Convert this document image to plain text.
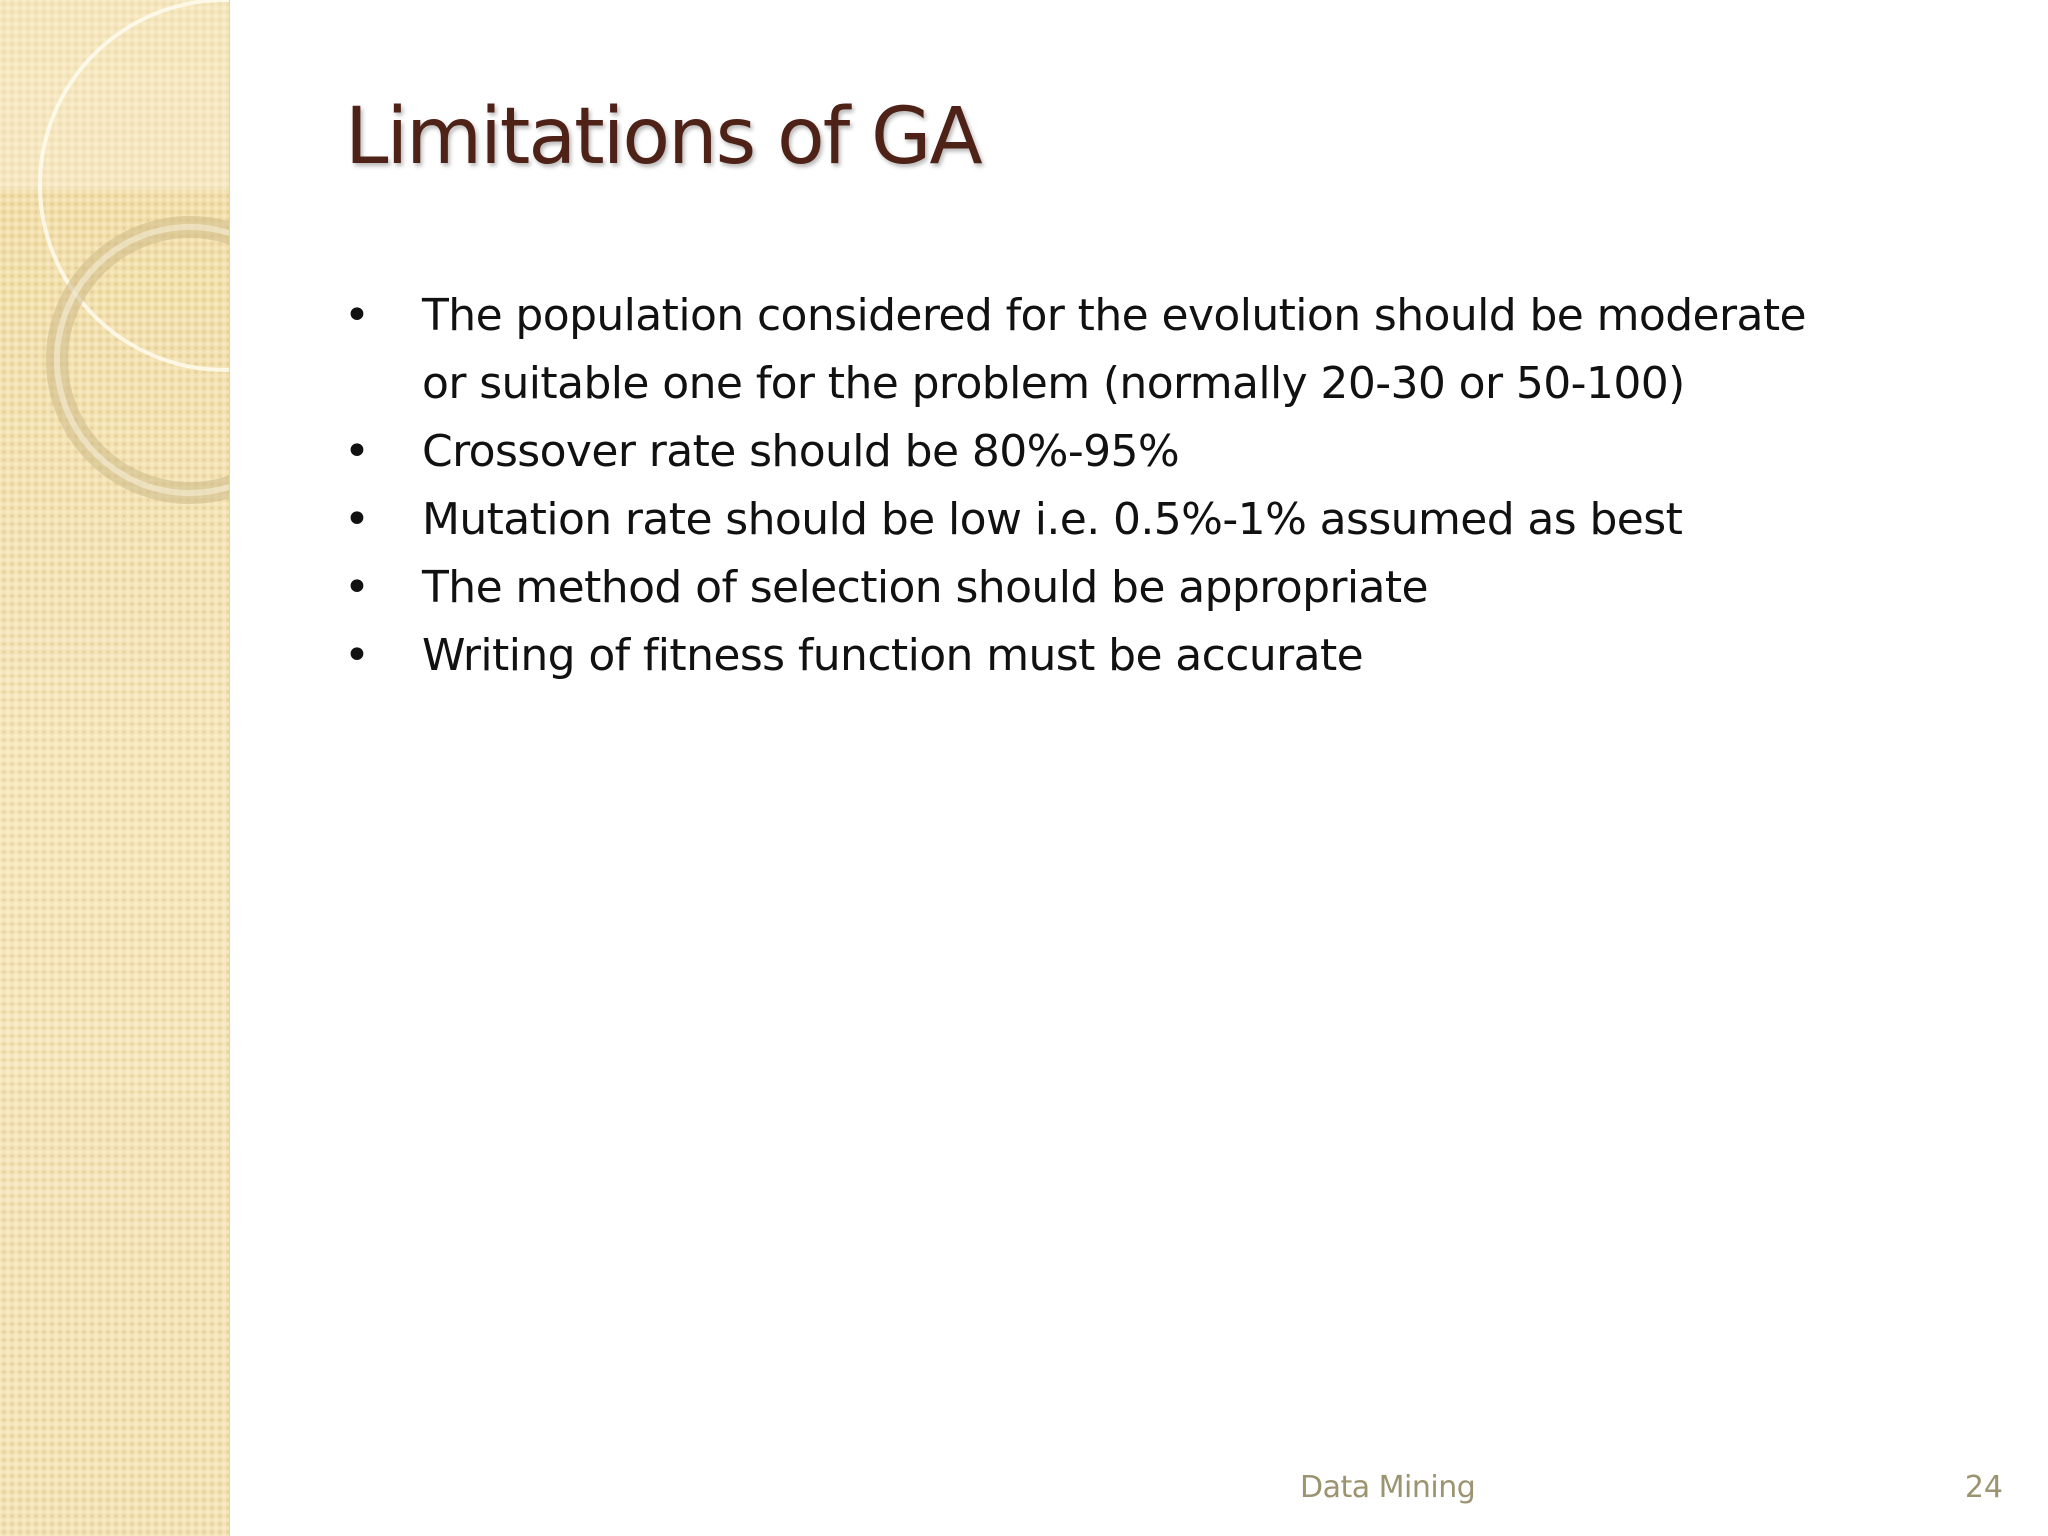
Limitations of GA
• The population considered for the evolution should be moderate
or suitable one for the problem (normally 20-30 or 50-100)
• Crossover rate should be 80%-95%
• Mutation rate should be low i.e. 0.5%-1% assumed as best
• The method of selection should be appropriate
• Writing of fitness function must be accurate
Data Mining	24
